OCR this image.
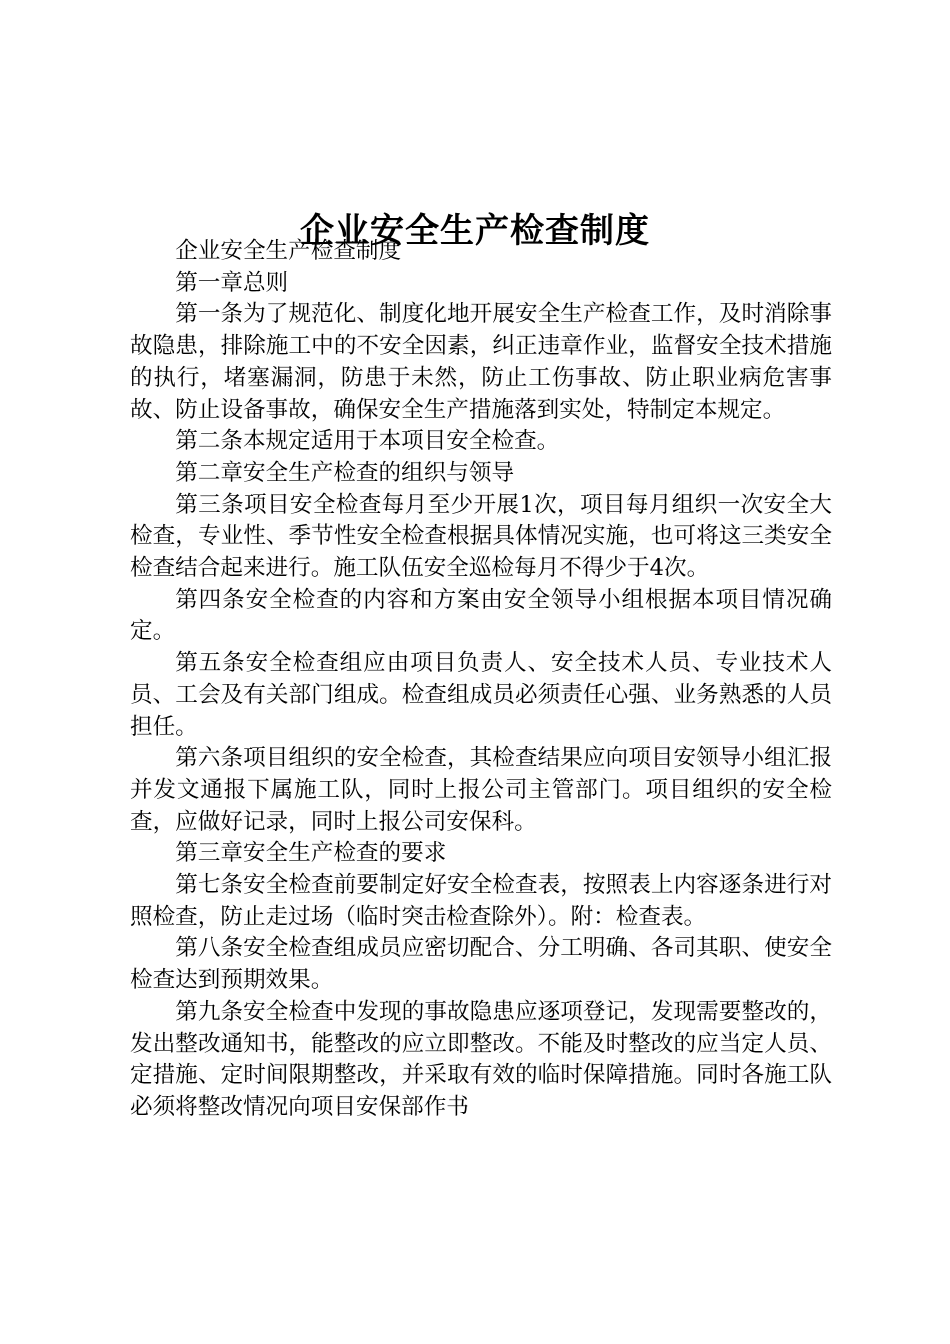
企业安全生产检查制度

企业安全生产检查制度

第一章总则

第一条为了规范化、制度化地开展安全生产检查工作，及时消除事故隐患，排除施工中的不安全因素，纠正违章作业，监督安全技术措施的执行，堵塞漏洞，防患于未然，防止工伤事故、防止职业病危害事故、防止设备事故，确保安全生产措施落到实处，特制定本规定。

第二条本规定适用于本项目安全检查。

第二章安全生产检查的组织与领导

第三条项目安全检查每月至少开展1次，项目每月组织一次安全大检查，专业性、季节性安全检查根据具体情况实施，也可将这三类安全检查结合起来进行。施工队伍安全巡检每月不得少于4次。

第四条安全检查的内容和方案由安全领导小组根据本项目情况确定。

第五条安全检查组应由项目负责人、安全技术人员、专业技术人员、工会及有关部门组成。检查组成员必须责任心强、业务熟悉的人员担任。

第六条项目组织的安全检查，其检查结果应向项目安领导小组汇报并发文通报下属施工队，同时上报公司主管部门。项目组织的安全检查，应做好记录，同时上报公司安保科。

第三章安全生产检查的要求

第七条安全检查前要制定好安全检查表，按照表上内容逐条进行对照检查，防止走过场（临时突击检查除外）。附：检查表。

第八条安全检查组成员应密切配合、分工明确、各司其职、使安全检查达到预期效果。

第九条安全检查中发现的事故隐患应逐项登记，发现需要整改的，发出整改通知书，能整改的应立即整改。不能及时整改的应当定人员、定措施、定时间限期整改，并采取有效的临时保障措施。同时各施工队必须将整改情况向项目安保部作书
